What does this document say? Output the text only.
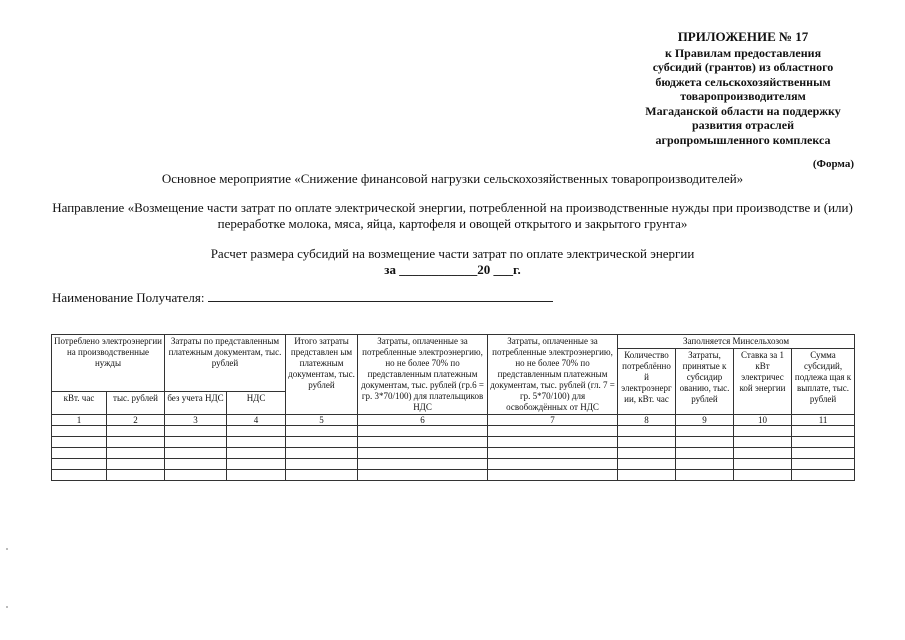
ПРИЛОЖЕНИЕ № 17
к Правилам предоставления
субсидий (грантов) из областного
бюджета сельскохозяйственным
товаропроизводителям
Магаданской области на поддержку
развития отраслей
агропромышленного комплекса
(Форма)
Основное мероприятие «Снижение финансовой нагрузки сельскохозяйственных товаропроизводителей»
Направление «Возмещение части затрат по оплате электрической энергии, потребленной на производственные нужды при производстве и (или)
переработке молока, мяса, яйца, картофеля и овощей открытого и закрытого грунта»
Расчет размера субсидий на возмещение части затрат по оплате электрической энергии
за ____________20 ___г.
Наименование Получателя:
Потреблено электроэнергии на производственные нужды		Затраты по представленным платежным документам, тыс. рублей		Итого затраты представлен ым платежным документам, тыс. рублей	Затраты, оплаченные за потребленные электроэнергию, но не более 70% по представленным платежным документам, тыс. рублей (гр.6 = гр. 3*70/100) для плательщиков НДС	Затраты, оплаченные за потребленные электроэнергию, но не более 70% по представленным платежным документам, тыс. рублей (гл. 7 = гр. 5*70/100) для освобождённых от НДС	Заполняется Минсельхозом			
							Количество потреблённо й электроэнерг ии, кВт. час	Затраты, принятые к субсидир ованию, тыс. рублей	Ставка за 1 кВт электричес кой энергии	Сумма субсидий, подлежа щая к выплате, тыс. рублей
кВт. час	тыс. рублей	без учета НДС	НДС							
1	2	3	4	5	6	7	8	9	10	11
